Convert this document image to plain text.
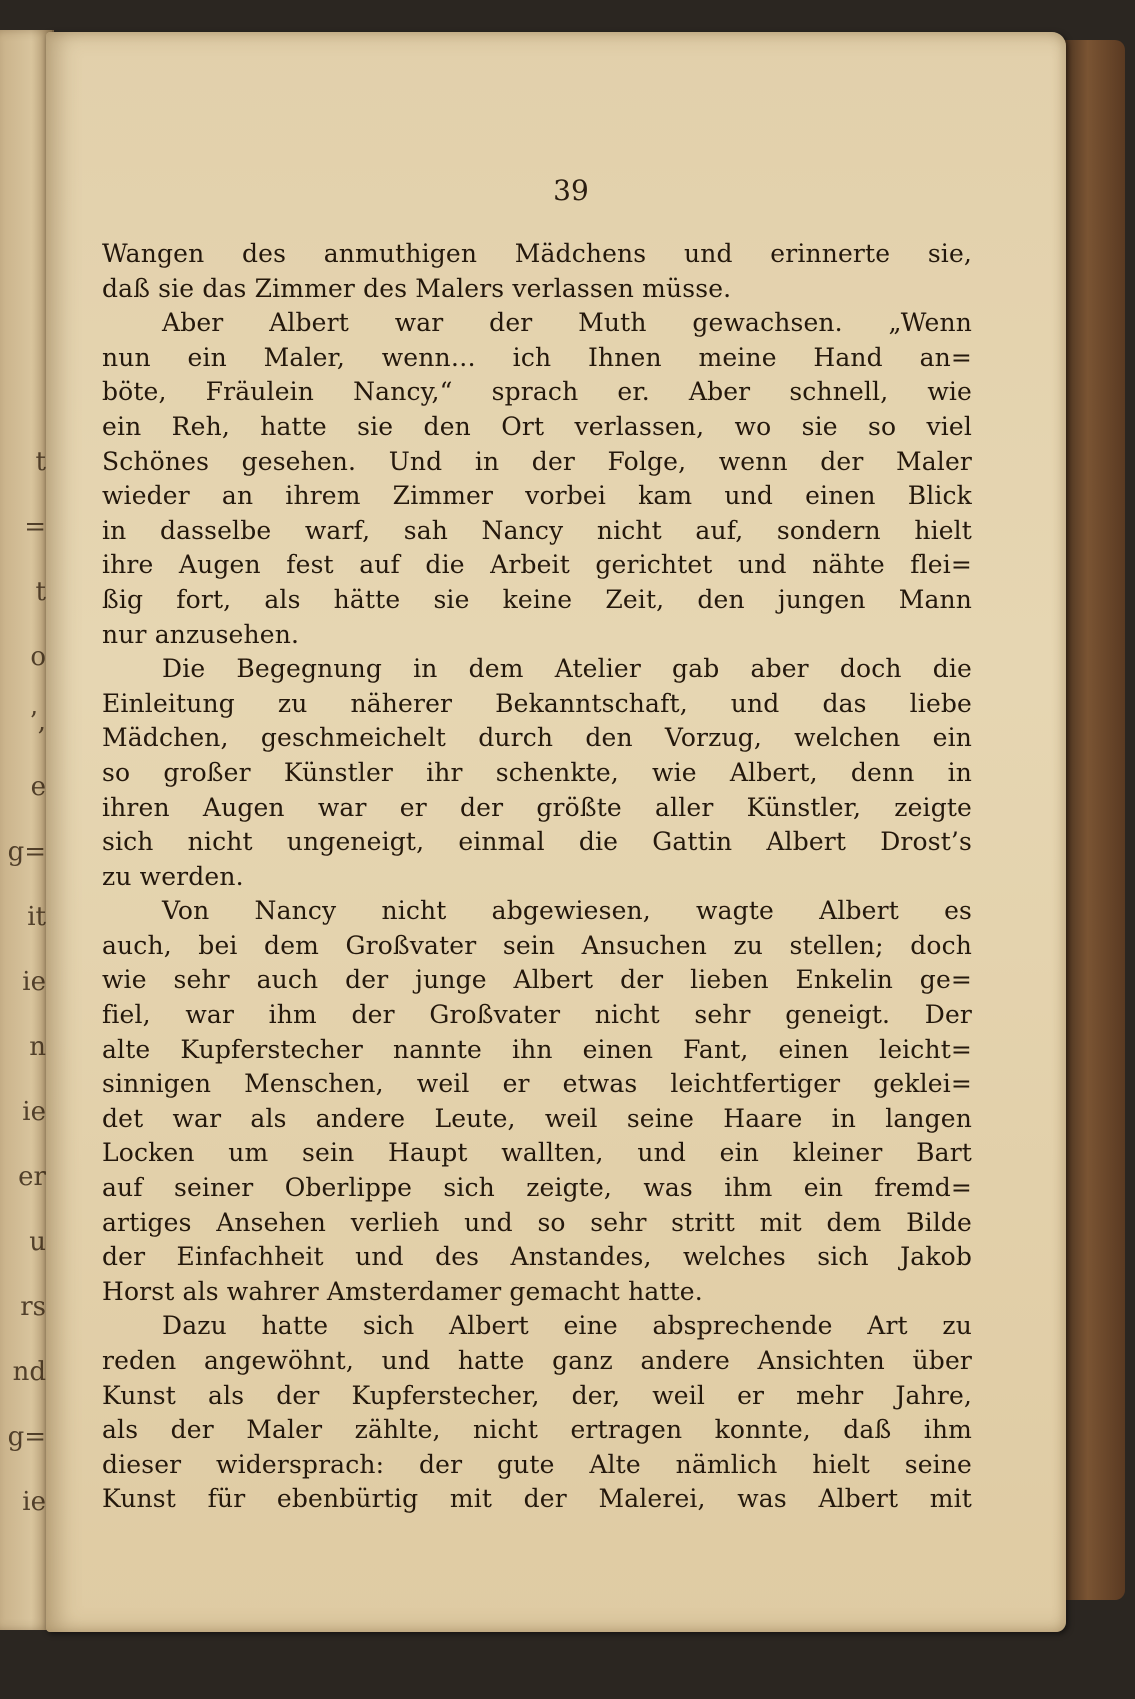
t
=
t
o
’,
e
g=
it
ie
n
ie
er
u
rs
nd
g=
ie
39
Wangen des anmuthigen Mädchens und erinnerte sie,
daß sie das Zimmer des Malers verlassen müsse.
Aber Albert war der Muth gewachsen. „Wenn
nun ein Maler, wenn… ich Ihnen meine Hand an=
böte, Fräulein Nancy,“ sprach er. Aber schnell, wie
ein Reh, hatte sie den Ort verlassen, wo sie so viel
Schönes gesehen. Und in der Folge, wenn der Maler
wieder an ihrem Zimmer vorbei kam und einen Blick
in dasselbe warf, sah Nancy nicht auf, sondern hielt
ihre Augen fest auf die Arbeit gerichtet und nähte flei=
ßig fort, als hätte sie keine Zeit, den jungen Mann
nur anzusehen.
Die Begegnung in dem Atelier gab aber doch die
Einleitung zu näherer Bekanntschaft, und das liebe
Mädchen, geschmeichelt durch den Vorzug, welchen ein
so großer Künstler ihr schenkte, wie Albert, denn in
ihren Augen war er der größte aller Künstler, zeigte
sich nicht ungeneigt, einmal die Gattin Albert Drost’s
zu werden.
Von Nancy nicht abgewiesen, wagte Albert es
auch, bei dem Großvater sein Ansuchen zu stellen; doch
wie sehr auch der junge Albert der lieben Enkelin ge=
fiel, war ihm der Großvater nicht sehr geneigt. Der
alte Kupferstecher nannte ihn einen Fant, einen leicht=
sinnigen Menschen, weil er etwas leichtfertiger geklei=
det war als andere Leute, weil seine Haare in langen
Locken um sein Haupt wallten, und ein kleiner Bart
auf seiner Oberlippe sich zeigte, was ihm ein fremd=
artiges Ansehen verlieh und so sehr stritt mit dem Bilde
der Einfachheit und des Anstandes, welches sich Jakob
Horst als wahrer Amsterdamer gemacht hatte.
Dazu hatte sich Albert eine absprechende Art zu
reden angewöhnt, und hatte ganz andere Ansichten über
Kunst als der Kupferstecher, der, weil er mehr Jahre,
als der Maler zählte, nicht ertragen konnte, daß ihm
dieser widersprach: der gute Alte nämlich hielt seine
Kunst für ebenbürtig mit der Malerei, was Albert mit
